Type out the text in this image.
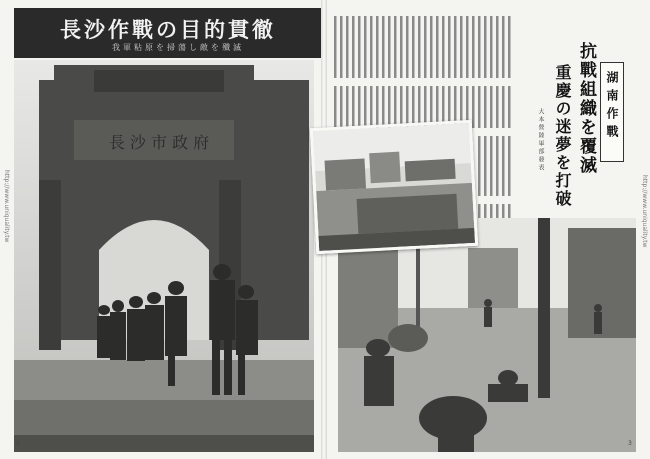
長沙作戰の目的貫徹
我軍粘原を掃蕩し敵を殲滅
長 沙 市 政 府
http://www.uniquality.tw
2
湖南作戰
抗戰組織を覆滅
重慶の迷夢を打破
大本營陸軍部發表
http://www.uniquality.tw
3
